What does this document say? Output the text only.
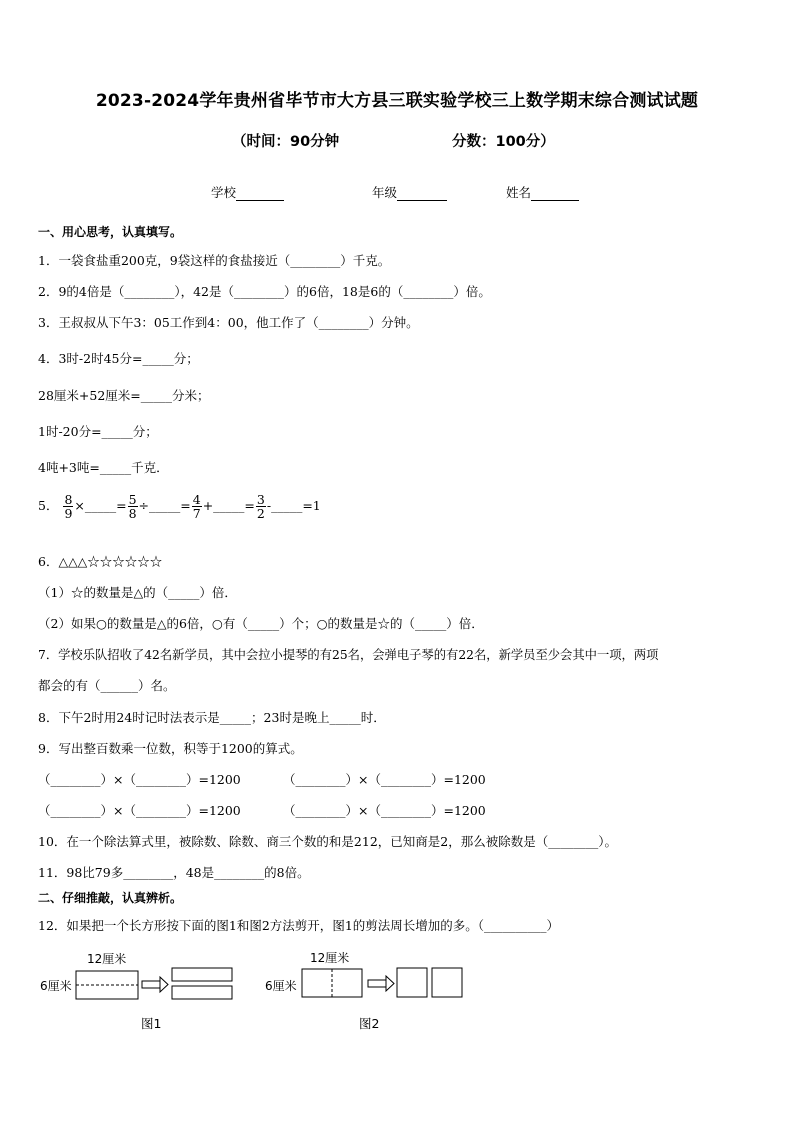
2023-2024学年贵州省毕节市大方县三联实验学校三上数学期末综合测试试题
（时间：90分钟	分数：100分）
学校	年级	姓名
一、用心思考，认真填写。
1．一袋食盐重200克，9袋这样的食盐接近（________）千克。
2．9的4倍是（________），42是（________）的6倍，18是6的（________）倍。
3．王叔叔从下午3：05工作到4：00，他工作了（________）分钟。
4．3时-2时45分=_____分；
28厘米+52厘米=_____分米；
1时-20分=_____分；
4吨+3吨=_____千克．
5． $\frac{8}{9}$ ×_____= $\frac{5}{8}$ ÷_____= $\frac{4}{7}$ +_____= $\frac{3}{2}$ -_____=1
6．△△△☆☆☆☆☆☆
（1）☆的数量是△的（_____）倍．
（2）如果○的数量是△的6倍，○有（_____）个；○的数量是☆的（_____）倍．
7．学校乐队招收了42名新学员，其中会拉小提琴的有25名，会弹电子琴的有22名，新学员至少会其中一项，两项
都会的有（______）名。
8．下午2时用24时记时法表示是_____；23时是晚上_____时．
9．写出整百数乘一位数，积等于1200的算式。
（________）×（________）=1200	（________）×（________）=1200
（________）×（________）=1200	（________）×（________）=1200
10．在一个除法算式里，被除数、除数、商三个数的和是212，已知商是2，那么被除数是（________）。
11．98比79多________，48是________的8倍。
二、仔细推敲，认真辨析。
12．如果把一个长方形按下面的图1和图2方法剪开，图1的剪法周长增加的多。（__________）
12厘米
6厘米
图1
12厘米
6厘米
图2
